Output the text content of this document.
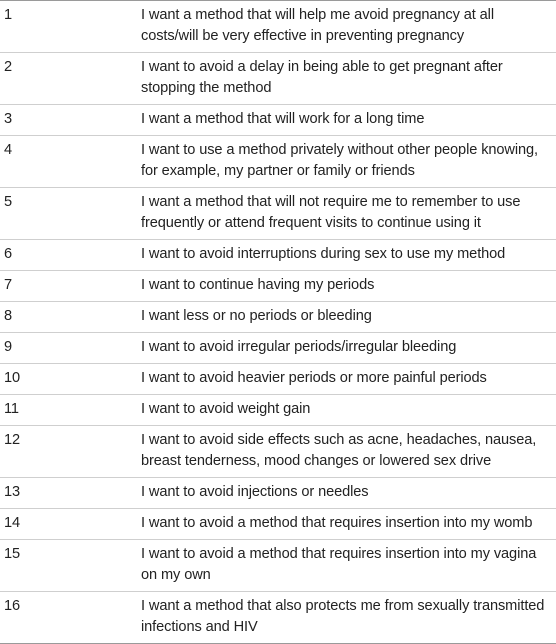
1	I want a method that will help me avoid pregnancy at all costs/will be very effective in preventing pregnancy
2	I want to avoid a delay in being able to get pregnant after stopping the method
3	I want a method that will work for a long time
4	I want to use a method privately without other people knowing, for example, my partner or family or friends
5	I want a method that will not require me to remember to use frequently or attend frequent visits to continue using it
6	I want to avoid interruptions during sex to use my method
7	I want to continue having my periods
8	I want less or no periods or bleeding
9	I want to avoid irregular periods/irregular bleeding
10	I want to avoid heavier periods or more painful periods
11	I want to avoid weight gain
12	I want to avoid side effects such as acne, headaches, nausea, breast tenderness, mood changes or lowered sex drive
13	I want to avoid injections or needles
14	I want to avoid a method that requires insertion into my womb
15	I want to avoid a method that requires insertion into my vagina on my own
16	I want a method that also protects me from sexually transmitted infections and HIV
